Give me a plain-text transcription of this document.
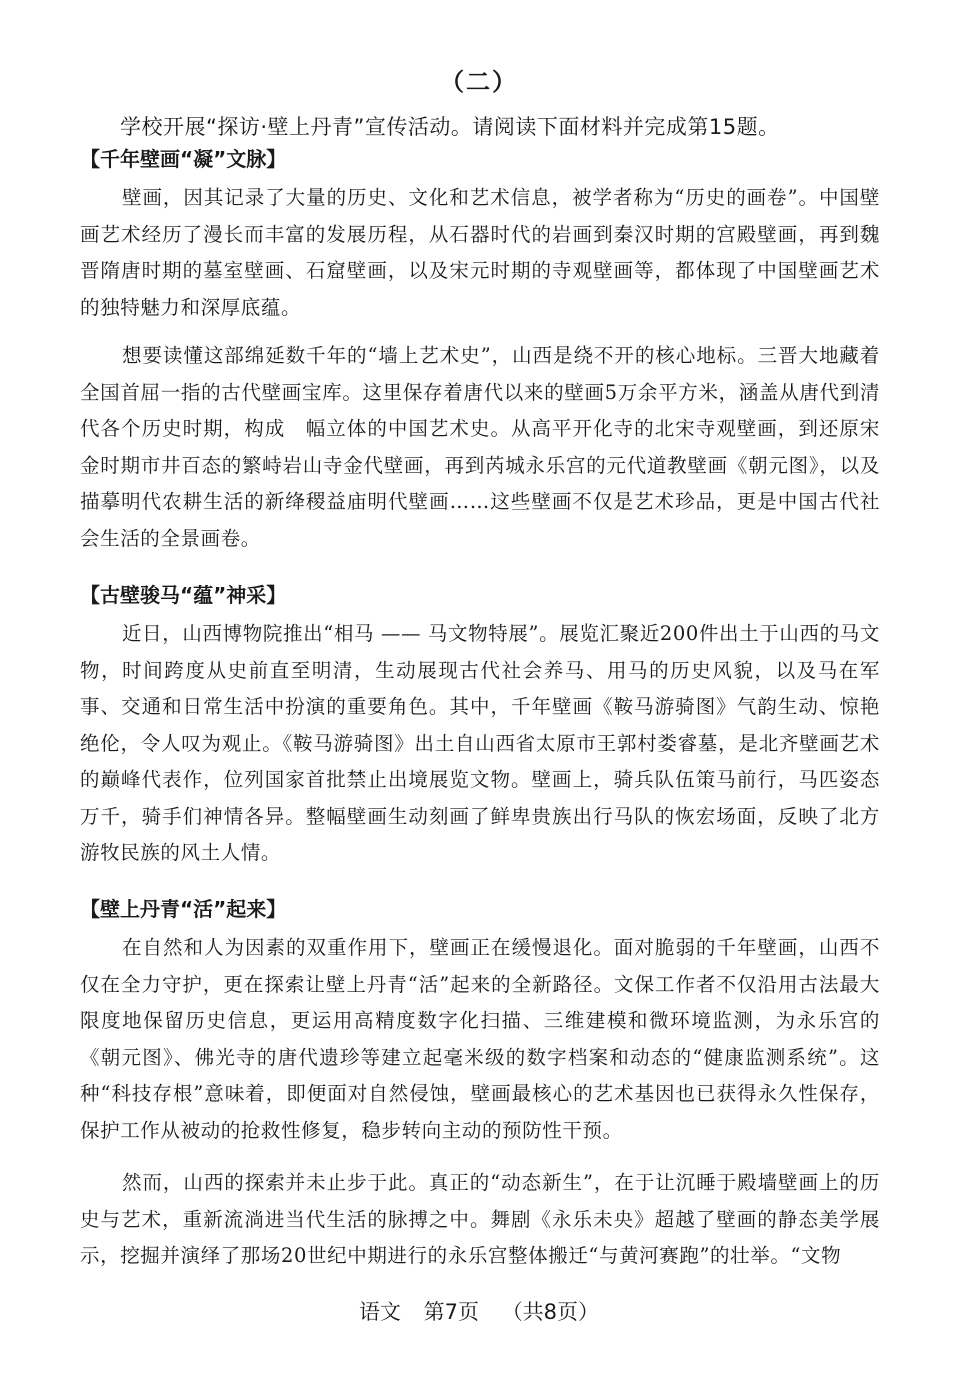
（二）
学校开展“探访·壁上丹青”宣传活动。请阅读下面材料并完成第15题。
【千年壁画“凝”文脉】

壁画，因其记录了大量的历史、文化和艺术信息，被学者称为“历史的画卷”。中国壁画艺术经历了漫长而丰富的发展历程，从石器时代的岩画到秦汉时期的宫殿壁画，再到魏晋隋唐时期的墓室壁画、石窟壁画，以及宋元时期的寺观壁画等，都体现了中国壁画艺术的独特魅力和深厚底蕴。

想要读懂这部绵延数千年的“墙上艺术史”，山西是绕不开的核心地标。三晋大地藏着全国首屈一指的古代壁画宝库。这里保存着唐代以来的壁画5万余平方米，涵盖从唐代到清代各个历史时期，构成　幅立体的中国艺术史。从高平开化寺的北宋寺观壁画，到还原宋金时期市井百态的繁峙岩山寺金代壁画，再到芮城永乐宫的元代道教壁画《朝元图》，以及描摹明代农耕生活的新绛稷益庙明代壁画……这些壁画不仅是艺术珍品，更是中国古代社会生活的全景画卷。

【古壁骏马“蕴”神采】

近日，山西博物院推出“相马 —— 马文物特展”。展览汇聚近200件出土于山西的马文物，时间跨度从史前直至明清，生动展现古代社会养马、用马的历史风貌，以及马在军事、交通和日常生活中扮演的重要角色。其中，千年壁画《鞍马游骑图》气韵生动、惊艳绝伦，令人叹为观止。《鞍马游骑图》出土自山西省太原市王郭村娄睿墓，是北齐壁画艺术的巅峰代表作，位列国家首批禁止出境展览文物。壁画上，骑兵队伍策马前行，马匹姿态万千，骑手们神情各异。整幅壁画生动刻画了鲜卑贵族出行马队的恢宏场面，反映了北方游牧民族的风土人情。

【壁上丹青“活”起来】

在自然和人为因素的双重作用下，壁画正在缓慢退化。面对脆弱的千年壁画，山西不仅在全力守护，更在探索让壁上丹青“活”起来的全新路径。文保工作者不仅沿用古法最大限度地保留历史信息，更运用高精度数字化扫描、三维建模和微环境监测，为永乐宫的《朝元图》、佛光寺的唐代遗珍等建立起毫米级的数字档案和动态的“健康监测系统”。这种“科技存根”意味着，即便面对自然侵蚀，壁画最核心的艺术基因也已获得永久性保存，保护工作从被动的抢救性修复，稳步转向主动的预防性干预。

然而，山西的探索并未止步于此。真正的“动态新生”，在于让沉睡于殿墙壁画上的历史与艺术，重新流淌进当代生活的脉搏之中。舞剧《永乐未央》超越了壁画的静态美学展示，挖掘并演绎了那场20世纪中期进行的永乐宫整体搬迁“与黄河赛跑”的壮举。“文物

语文 第7页 （共8页）
